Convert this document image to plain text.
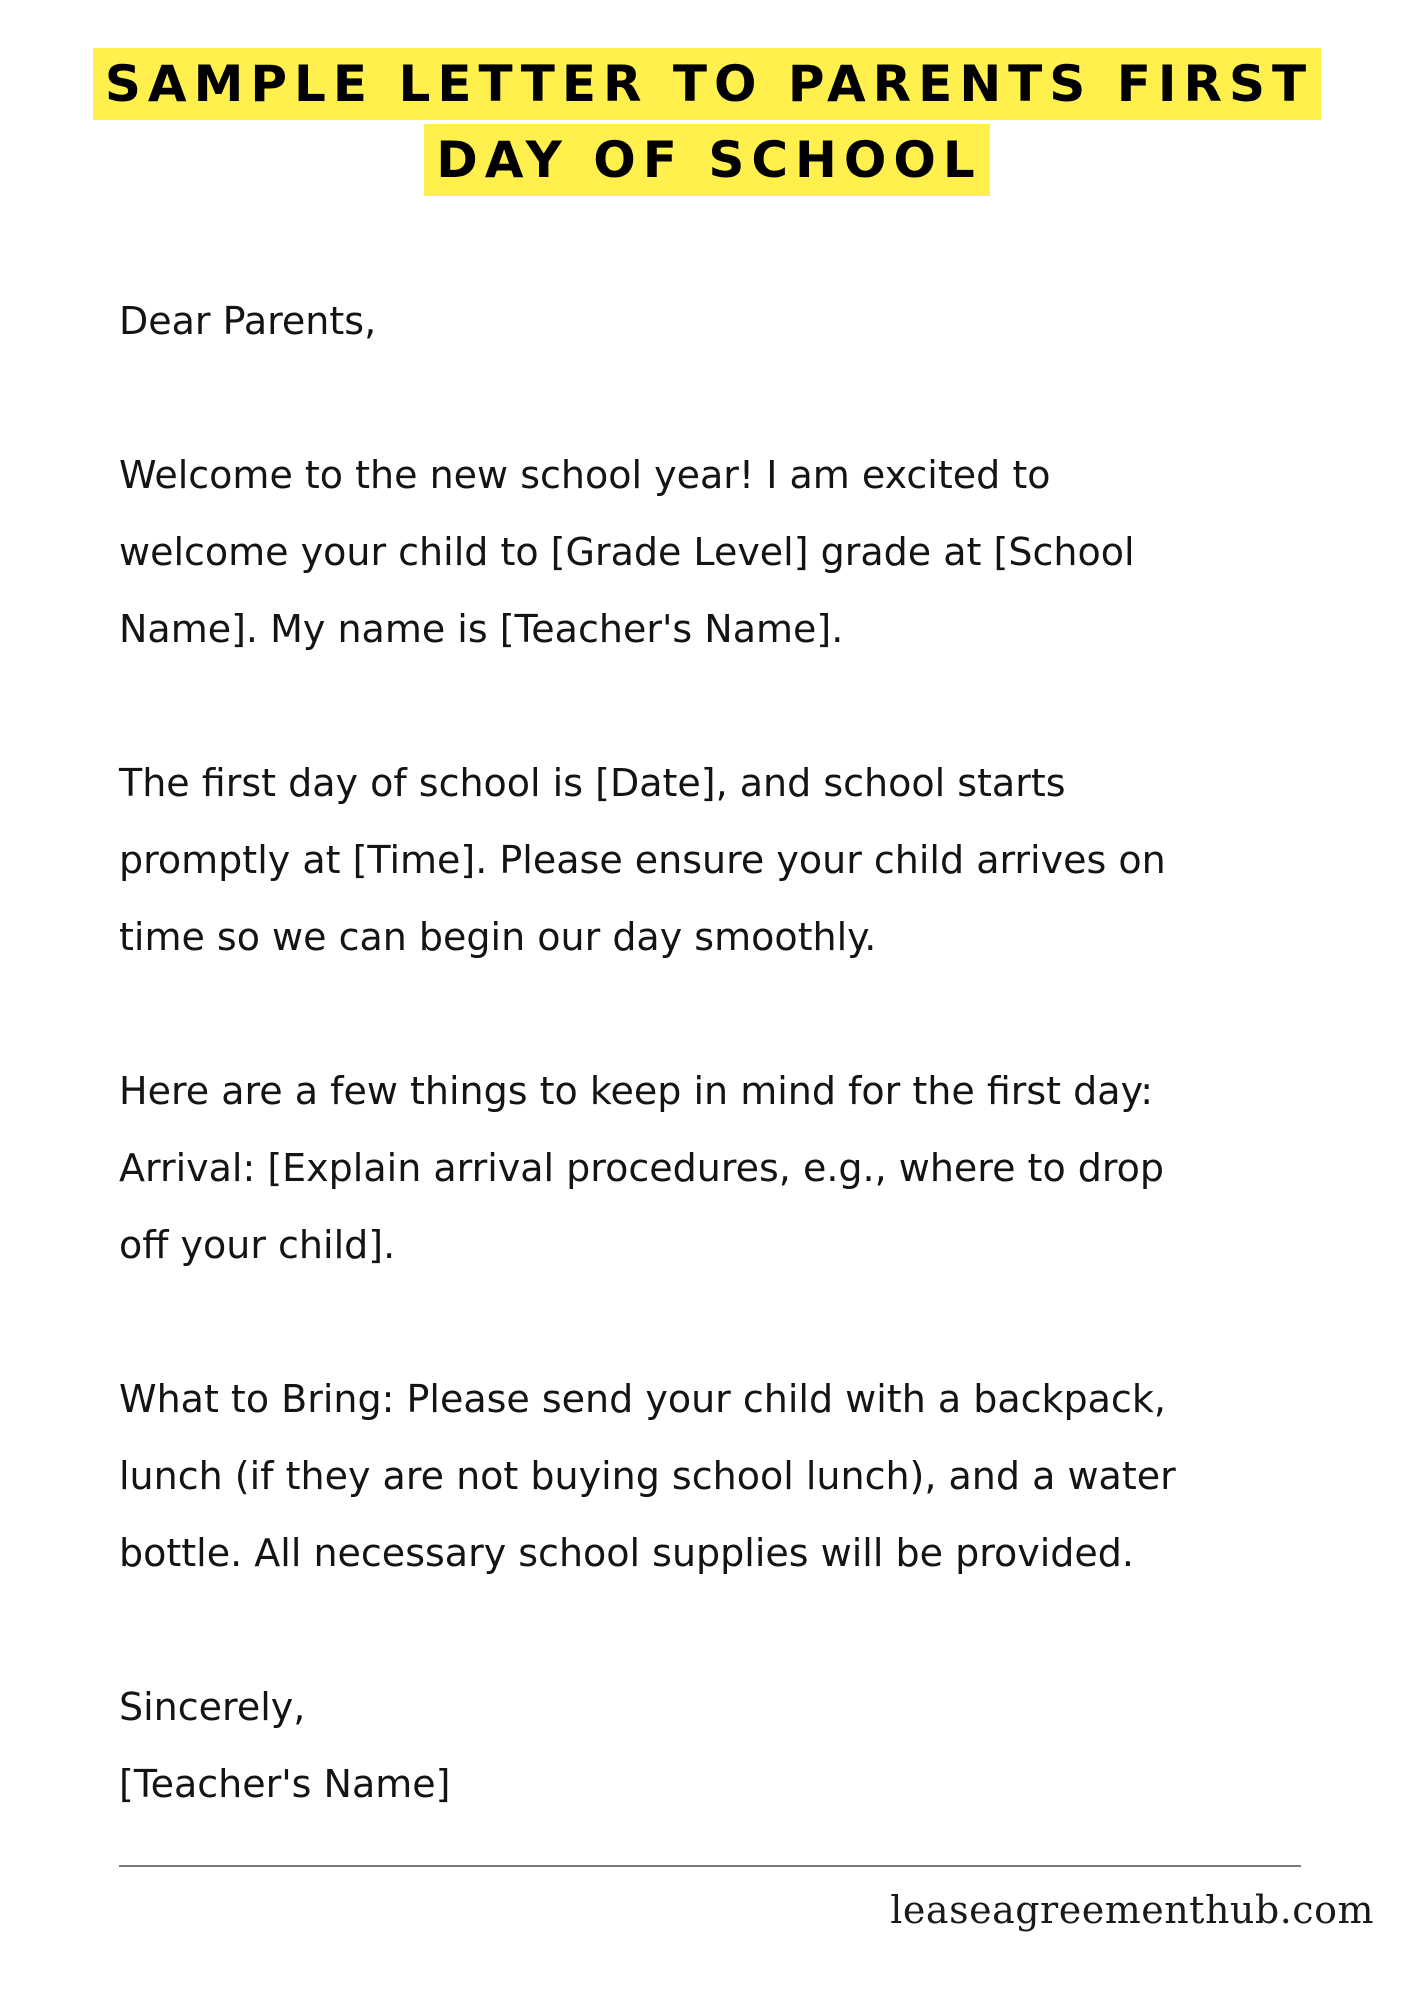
SAMPLE LETTER TO PARENTS FIRST
DAY OF SCHOOL
Dear Parents,
Welcome to the new school year! I am excited to
welcome your child to [Grade Level] grade at [School
Name]. My name is [Teacher's Name].
The first day of school is [Date], and school starts
promptly at [Time]. Please ensure your child arrives on
time so we can begin our day smoothly.
Here are a few things to keep in mind for the first day:
Arrival: [Explain arrival procedures, e.g., where to drop
off your child].
What to Bring: Please send your child with a backpack,
lunch (if they are not buying school lunch), and a water
bottle. All necessary school supplies will be provided.
Sincerely,
[Teacher's Name]
leaseagreementhub.com
